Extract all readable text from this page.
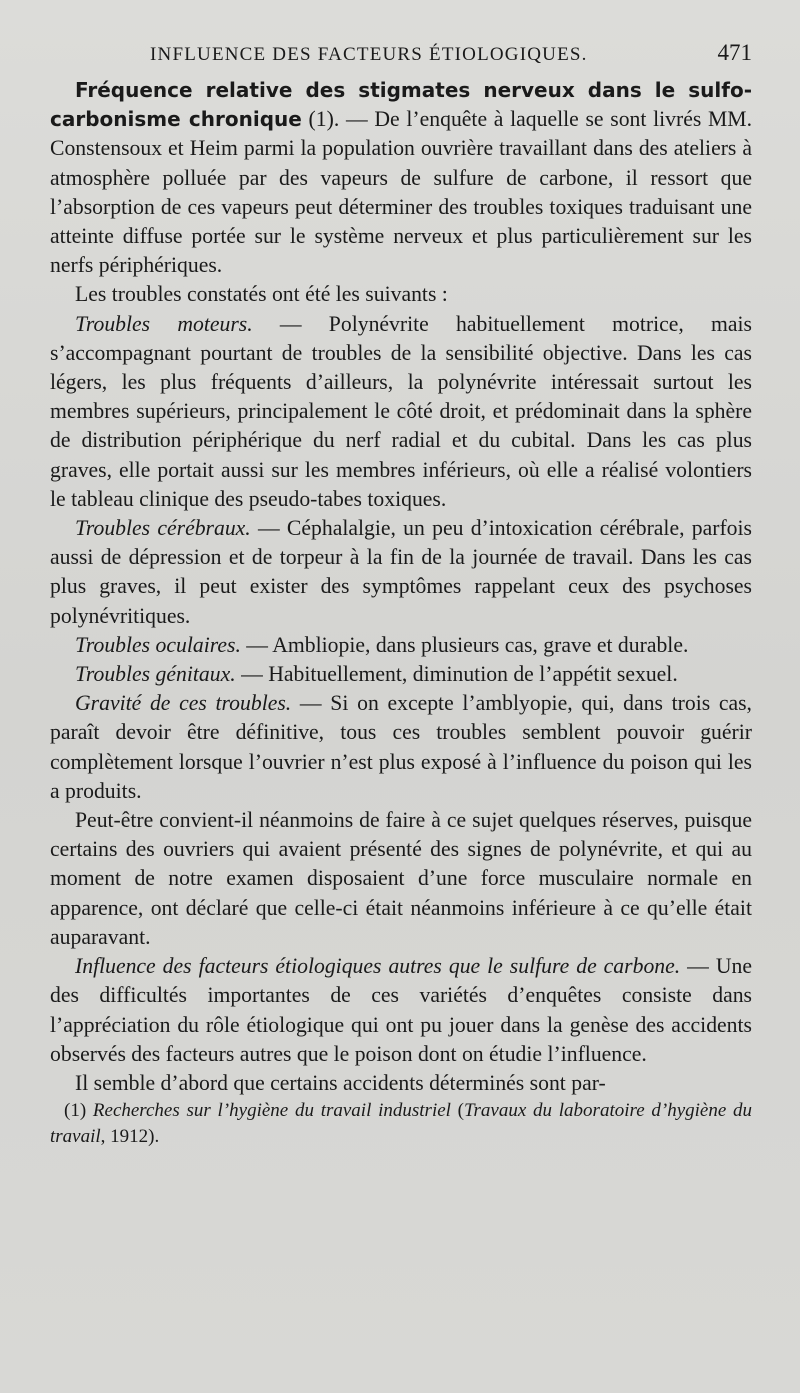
INFLUENCE DES FACTEURS ÉTIOLOGIQUES.	471

Fréquence relative des stigmates nerveux dans le sulfo-carbonisme chronique (1). — De l’enquête à laquelle se sont livrés MM. Constensoux et Heim parmi la population ouvrière travaillant dans des ateliers à atmosphère polluée par des vapeurs de sulfure de carbone, il ressort que l’absorption de ces vapeurs peut déterminer des troubles toxiques traduisant une atteinte diffuse portée sur le système nerveux et plus particulièrement sur les nerfs périphériques.

Les troubles constatés ont été les suivants :

Troubles moteurs. — Polynévrite habituellement motrice, mais s’accompagnant pourtant de troubles de la sensibilité objective. Dans les cas légers, les plus fréquents d’ailleurs, la polynévrite intéressait surtout les membres supérieurs, principalement le côté droit, et prédominait dans la sphère de distribution périphérique du nerf radial et du cubital. Dans les cas plus graves, elle portait aussi sur les membres inférieurs, où elle a réalisé volontiers le tableau clinique des pseudo-tabes toxiques.

Troubles cérébraux. — Céphalalgie, un peu d’intoxication cérébrale, parfois aussi de dépression et de torpeur à la fin de la journée de travail. Dans les cas plus graves, il peut exister des symptômes rappelant ceux des psychoses polynévritiques.

Troubles oculaires. — Ambliopie, dans plusieurs cas, grave et durable.

Troubles génitaux. — Habituellement, diminution de l’appétit sexuel.

Gravité de ces troubles. — Si on excepte l’amblyopie, qui, dans trois cas, paraît devoir être définitive, tous ces troubles semblent pouvoir guérir complètement lorsque l’ouvrier n’est plus exposé à l’influence du poison qui les a produits.

Peut-être convient-il néanmoins de faire à ce sujet quelques réserves, puisque certains des ouvriers qui avaient présenté des signes de polynévrite, et qui au moment de notre examen disposaient d’une force musculaire normale en apparence, ont déclaré que celle-ci était néanmoins inférieure à ce qu’elle était auparavant.

Influence des facteurs étiologiques autres que le sulfure de carbone. — Une des difficultés importantes de ces variétés d’enquêtes consiste dans l’appréciation du rôle étiologique qui ont pu jouer dans la genèse des accidents observés des facteurs autres que le poison dont on étudie l’influence.

Il semble d’abord que certains accidents déterminés sont par-

(1) Recherches sur l’hygiène du travail industriel (Travaux du laboratoire d’hygiène du travail, 1912).
